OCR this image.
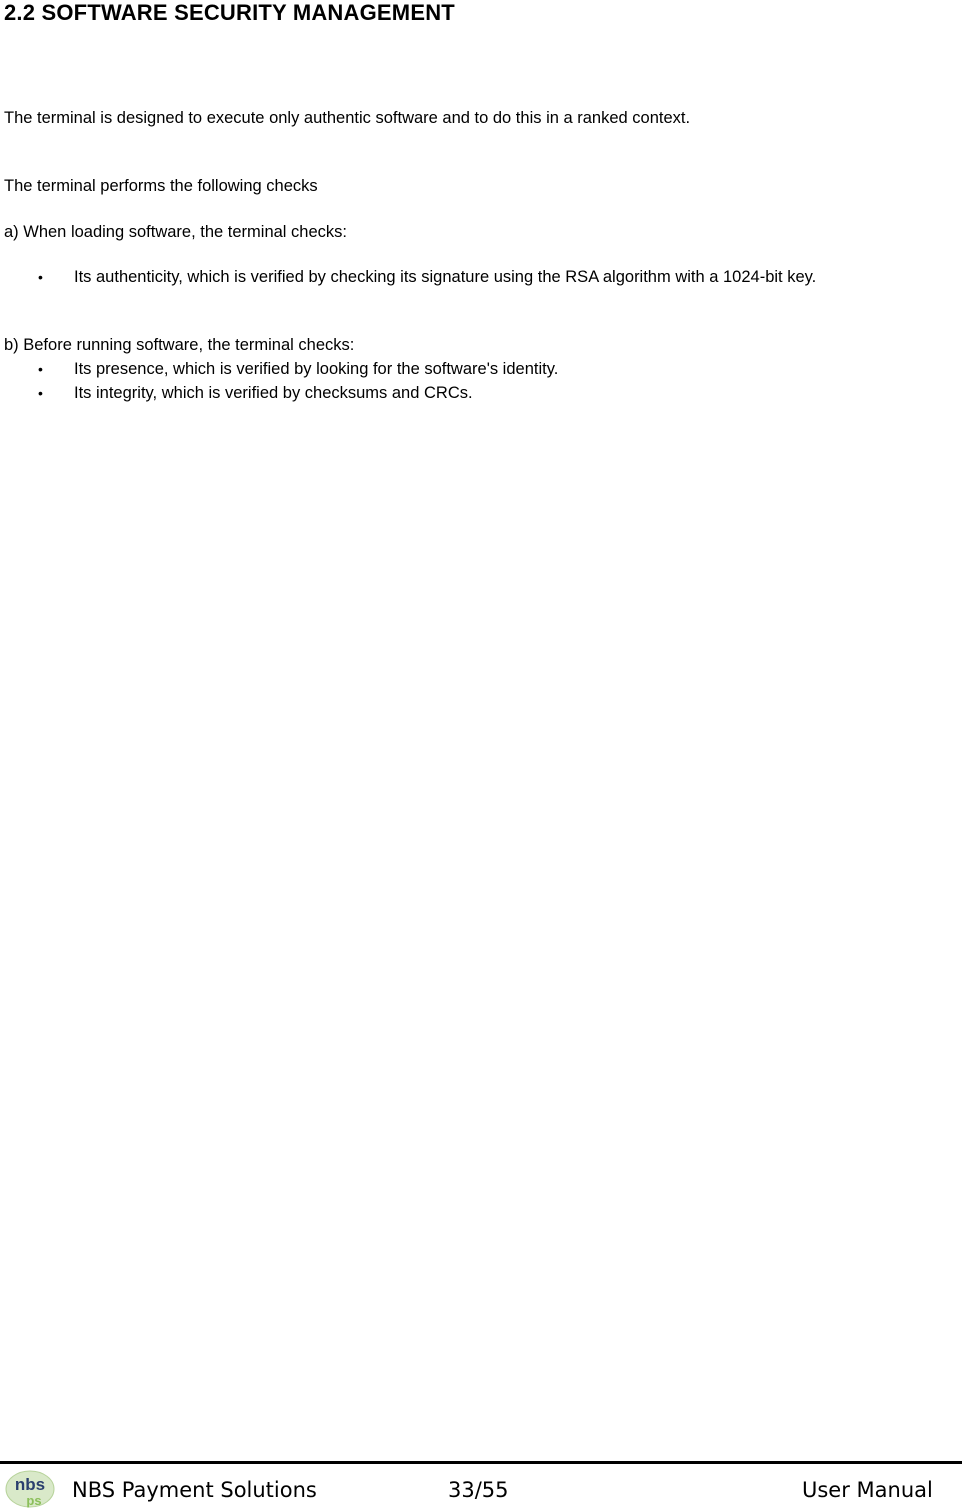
2.2 SOFTWARE SECURITY MANAGEMENT

The terminal is designed to execute only authentic software and to do this in a ranked context.

The terminal performs the following checks

a) When loading software, the terminal checks:

•	Its authenticity, which is verified by checking its signature using the RSA algorithm with a 1024-bit key.

b) Before running software, the terminal checks:

•	Its presence, which is verified by looking for the software's identity.
•	Its integrity, which is verified by checksums and CRCs.
nbs
ps NBS Payment Solutions	33/55	User Manual
